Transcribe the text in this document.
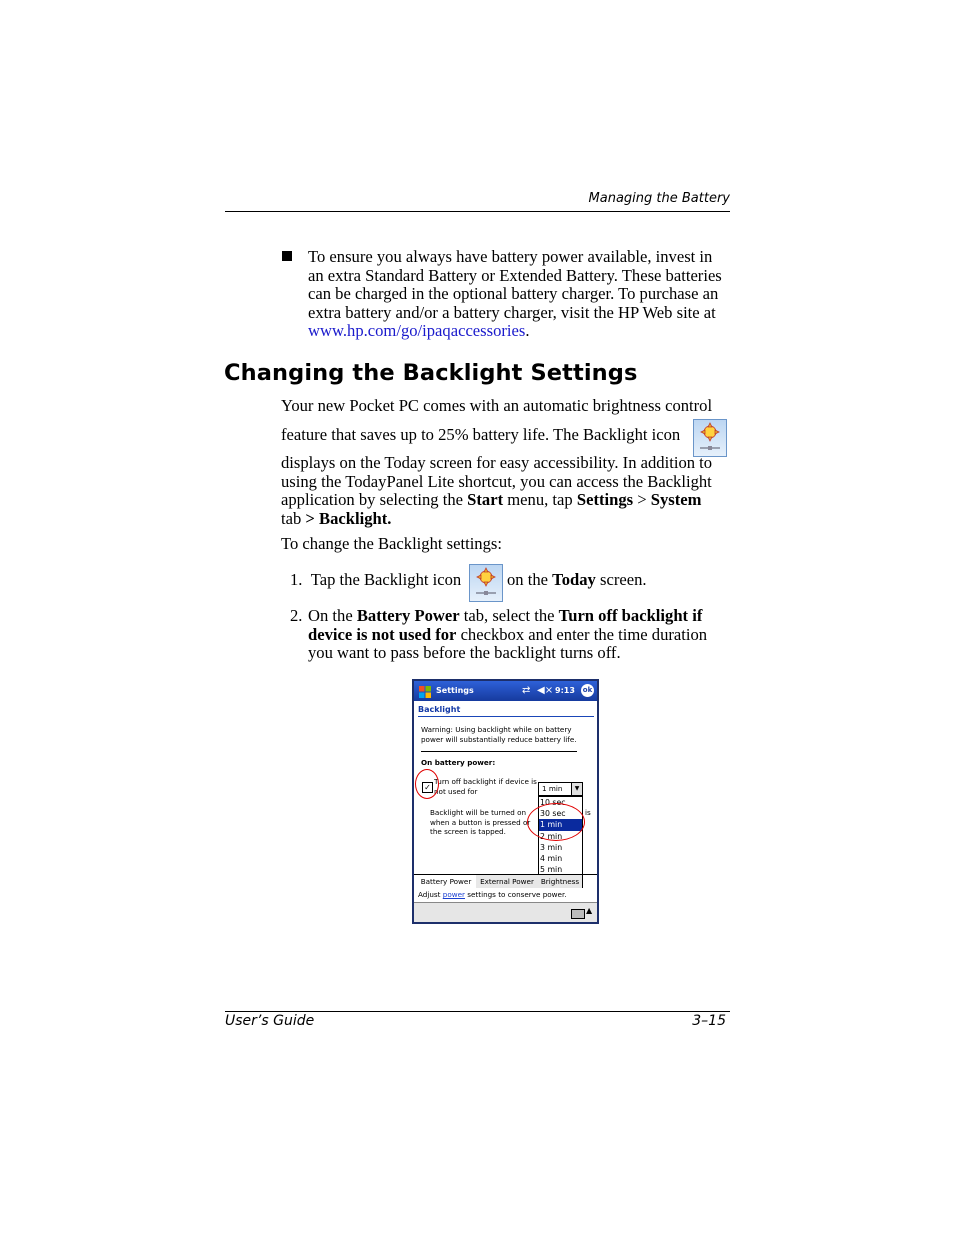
Managing the Battery
To ensure you always have battery power available, invest in an extra Standard Battery or Extended Battery. These batteries can be charged in the optional battery charger. To purchase an extra battery and/or a battery charger, visit the HP Web site at www.hp.com/go/ipaqaccessories.
Changing the Backlight Settings
Your new Pocket PC comes with an automatic brightness control
feature that saves up to 25% battery life. The Backlight icon
displays on the Today screen for easy accessibility. In addition to using the TodayPanel Lite shortcut, you can access the Backlight application by selecting the Start menu, tap Settings > System
tab > Backlight.
To change the Backlight settings:
1. Tap the Backlight icon	on the Today screen.
2. On the Battery Power tab, select the Turn off backlight if device is not used for checkbox and enter the time duration you want to pass before the backlight turns off.
Settings	⇄ ◀× 9:13 ok
Backlight
Warning: Using backlight while on battery power will substantially reduce battery life.
On battery power:
✓
Turn off backlight if device is not used for	1 min	▼
Backlight will be turned on when a button is pressed or the screen is tapped.
is
10 sec
30 sec
1 min
2 min
3 min
4 min
5 min
Battery Power	External Power Brightness
Adjust power settings to conserve power.
▲
User’s Guide	3–15
